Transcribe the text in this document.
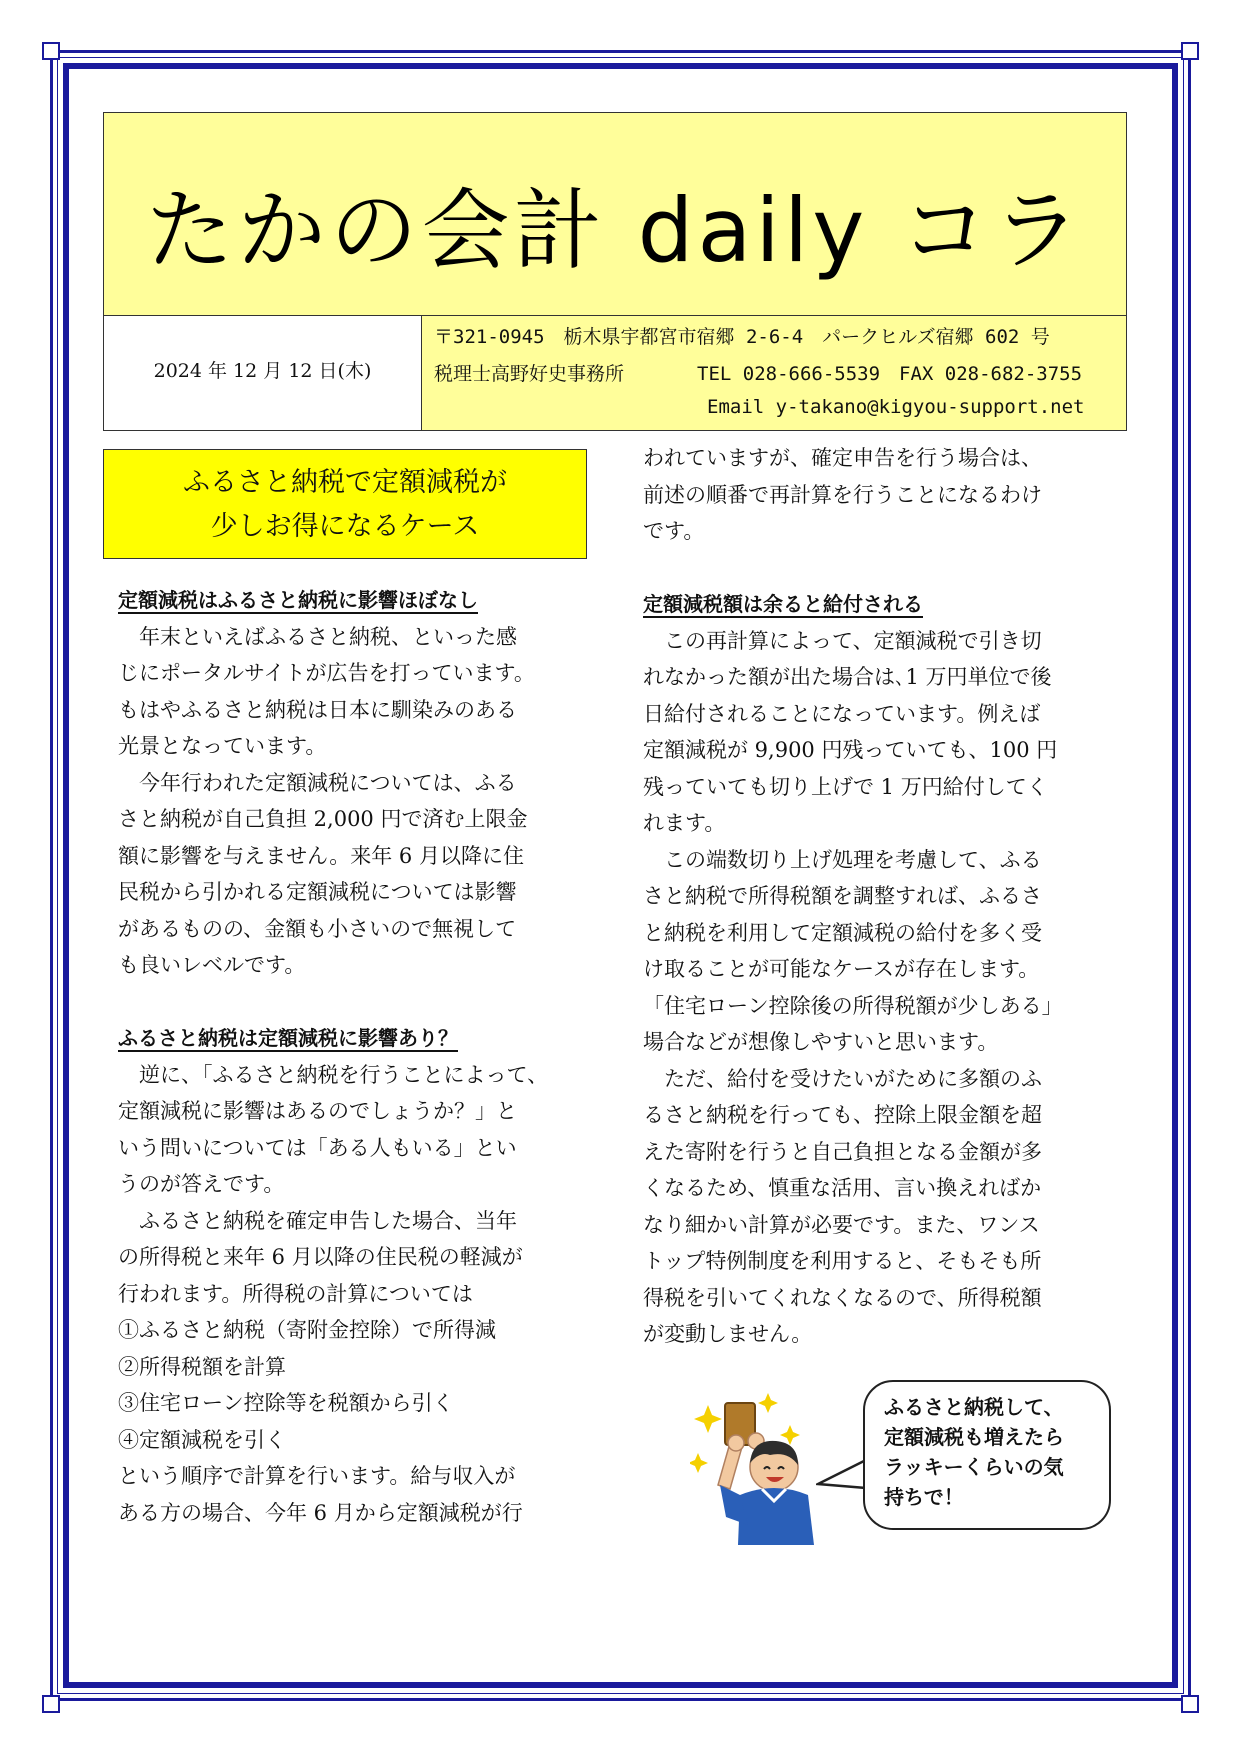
たかの会計 daily コラ
2024 年 12 月 12 日(木)
〒321-0945　栃木県宇都宮市宿郷 2-6-4　パークヒルズ宿郷 602 号
税理士高野好史事務所	TEL 028-666-5539　FAX 028-682-3755
Email y-takano@kigyou-support.net
ふるさと納税で定額減税が
少しお得になるケース
定額減税はふるさと納税に影響ほぼなし
年末といえばふるさと納税、といった感
じにポータルサイトが広告を打っています。
もはやふるさと納税は日本に馴染みのある
光景となっています。
今年行われた定額減税については、ふる
さと納税が自己負担 2,000 円で済む上限金
額に影響を与えません。来年 6 月以降に住
民税から引かれる定額減税については影響
があるものの、金額も小さいので無視して
も良いレベルです。
ふるさと納税は定額減税に影響あり？
逆に、「ふるさと納税を行うことによって、
定額減税に影響はあるのでしょうか？」と
いう問いについては「ある人もいる」とい
うのが答えです。
ふるさと納税を確定申告した場合、当年
の所得税と来年 6 月以降の住民税の軽減が
行われます。所得税の計算については
①ふるさと納税（寄附金控除）で所得減
②所得税額を計算
③住宅ローン控除等を税額から引く
④定額減税を引く
という順序で計算を行います。給与収入が
ある方の場合、今年 6 月から定額減税が行
われていますが、確定申告を行う場合は、
前述の順番で再計算を行うことになるわけ
です。
定額減税額は余ると給付される
この再計算によって、定額減税で引き切
れなかった額が出た場合は､1 万円単位で後
日給付されることになっています。例えば
定額減税が 9,900 円残っていても、100 円
残っていても切り上げで 1 万円給付してく
れます。
この端数切り上げ処理を考慮して、ふる
さと納税で所得税額を調整すれば、ふるさ
と納税を利用して定額減税の給付を多く受
け取ることが可能なケースが存在します。
「住宅ローン控除後の所得税額が少しある」
場合などが想像しやすいと思います。
ただ、給付を受けたいがために多額のふ
るさと納税を行っても、控除上限金額を超
えた寄附を行うと自己負担となる金額が多
くなるため、慎重な活用、言い換えればか
なり細かい計算が必要です。また、ワンス
トップ特例制度を利用すると、そもそも所
得税を引いてくれなくなるので、所得税額
が変動しません。
ふるさと納税して、
定額減税も増えたら
ラッキーくらいの気
持ちで！
